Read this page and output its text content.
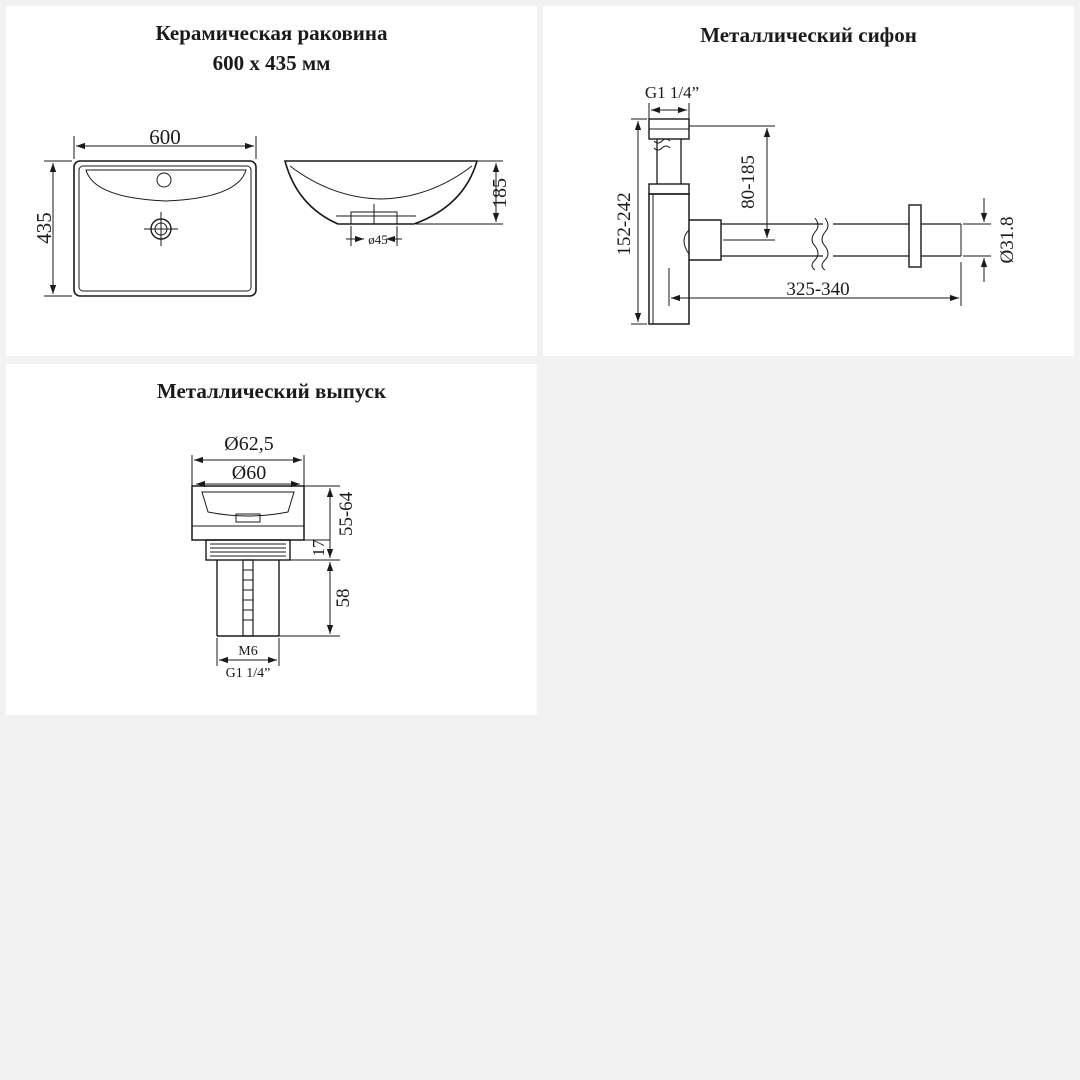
600
435
185
ø45
Керамическая раковина
600 x 435 мм
G1 1/4”
152-242
80-185
325-340
Ø31.8
Металлический сифон
Ø62,5
Ø60
55-64
17
58
M6
G1 1/4”
Металлический выпуск
